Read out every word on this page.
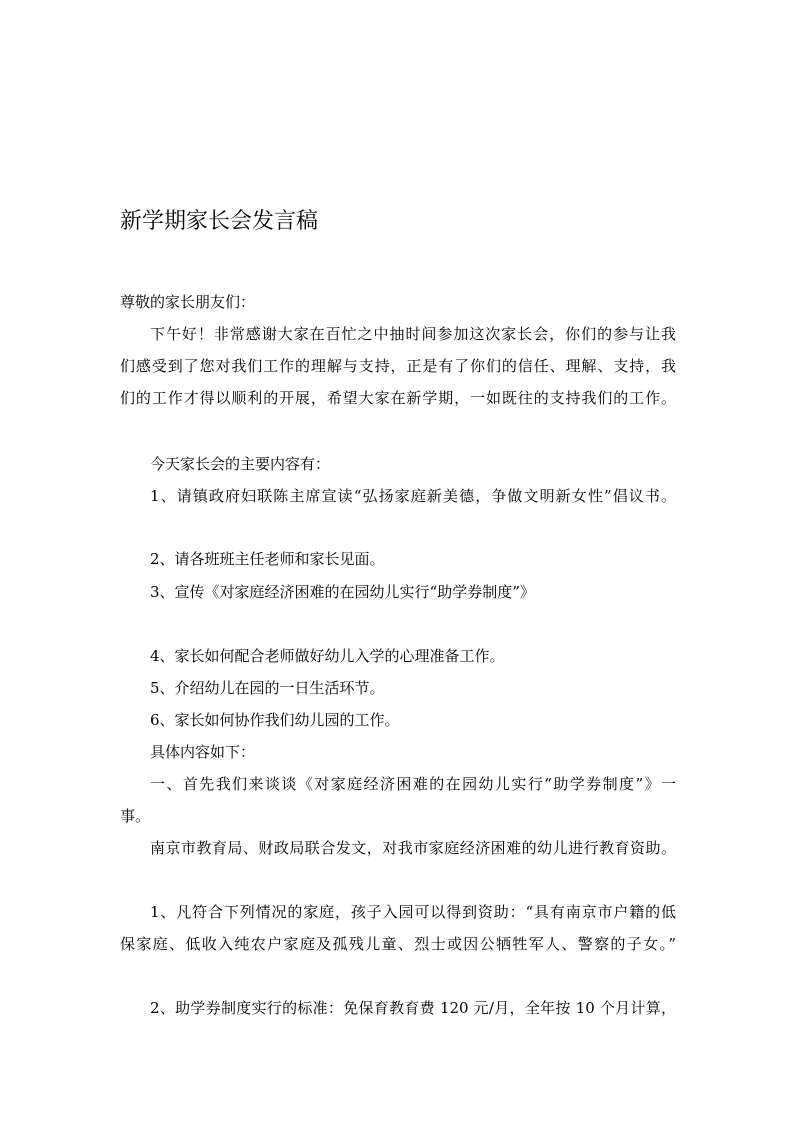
新学期家长会发言稿
尊敬的家长朋友们：
下午好！非常感谢大家在百忙之中抽时间参加这次家长会，你们的参与让我
们感受到了您对我们工作的理解与支持，正是有了你们的信任、理解、支持，我
们的工作才得以顺利的开展，希望大家在新学期，一如既往的支持我们的工作。
今天家长会的主要内容有：
1、请镇政府妇联陈主席宣读“弘扬家庭新美德，争做文明新女性”倡议书。
2、请各班班主任老师和家长见面。
3、宣传《对家庭经济困难的在园幼儿实行“助学券制度”》
4、家长如何配合老师做好幼儿入学的心理准备工作。
5、介绍幼儿在园的一日生活环节。
6、家长如何协作我们幼儿园的工作。
具体内容如下：
一、首先我们来谈谈《对家庭经济困难的在园幼儿实行“助学券制度”》一
事。
南京市教育局、财政局联合发文，对我市家庭经济困难的幼儿进行教育资助。
1、凡符合下列情况的家庭，孩子入园可以得到资助：“具有南京市户籍的低
保家庭、低收入纯农户家庭及孤残儿童、烈士或因公牺牲军人、警察的子女。”
2、助学券制度实行的标准：免保育教育费 120 元/月，全年按 10 个月计算，
